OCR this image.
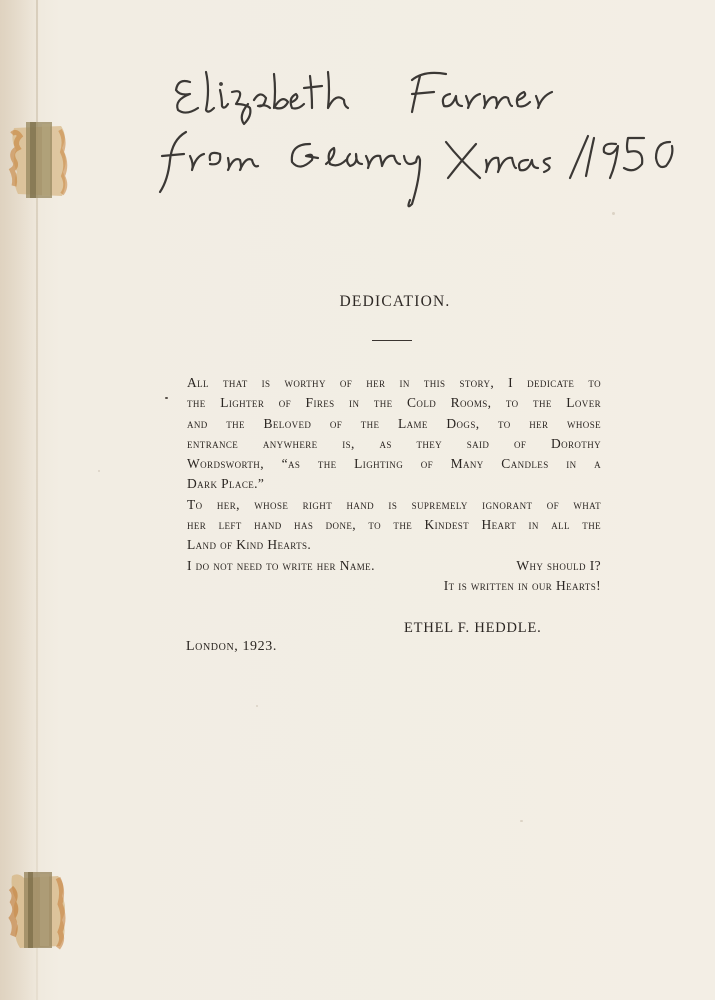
DEDICATION.
All that is worthy of her in this story, I dedicate to
the Lighter of Fires in the Cold Rooms, to the Lover
and the Beloved of the Lame Dogs, to her whose
entrance anywhere is, as they said of Dorothy
Wordsworth, “as the Lighting of Many Candles in a
Dark Place.”
To her, whose right hand is supremely ignorant of what
her left hand has done, to the Kindest Heart in all the
Land of Kind Hearts.
I do not need to write her Name.	Why should I?
It is written in our Hearts!
ETHEL F. HEDDLE.
London, 1923.
